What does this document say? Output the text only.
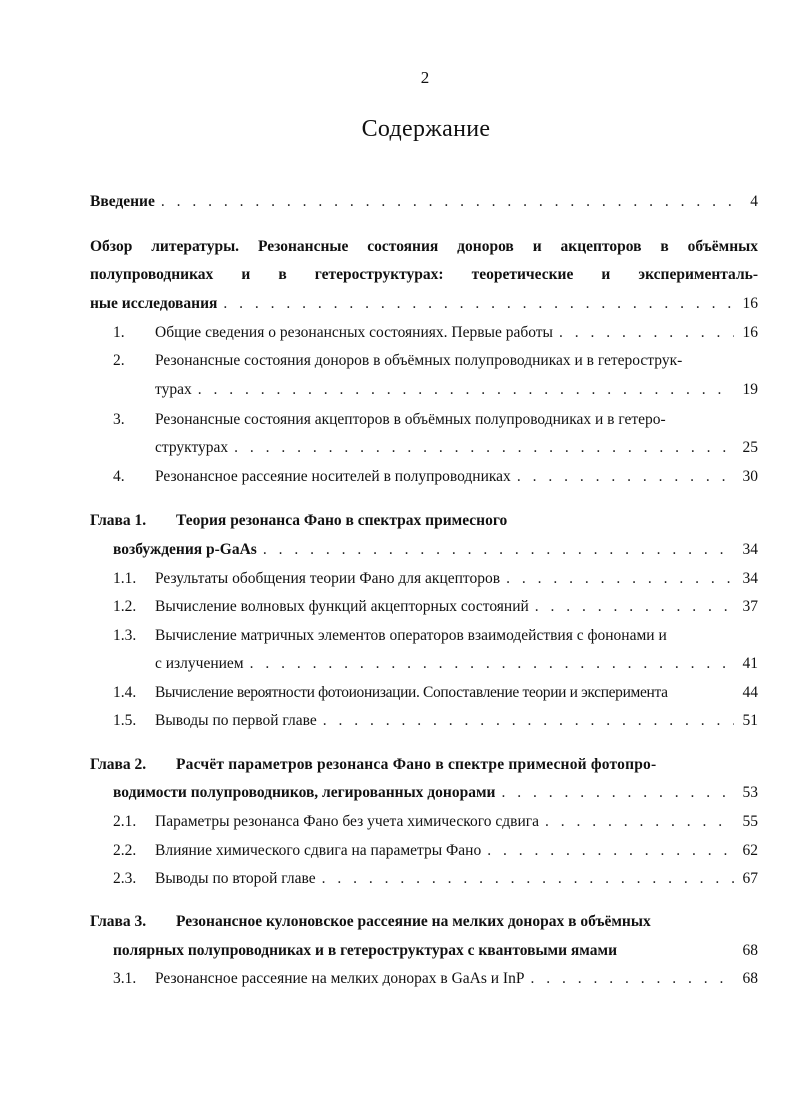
2
Содержание
Введение . . .	4
Обзор литературы. Резонансные состояния доноров и акцепторов в объёмных
полупроводниках и в гетероструктурах: теоретические и эксперименталь-
ные исследования . . .	16
1.	Общие сведения о резонансных состояниях. Первые работы . . .	16
2.	Резонансные состояния доноров в объёмных полупроводниках и в гетерострук-
турах . . .	19
3.	Резонансные состояния акцепторов в объёмных полупроводниках и в гетеро-
структурах . . .	25
4.	Резонансное рассеяние носителей в полупроводниках . . .	30
Глава 1.	Теория резонанса Фано в спектрах примесного
возбуждения p-GaAs . . .	34
1.1.	Результаты обобщения теории Фано для акцепторов . . .	34
1.2.	Вычисление волновых функций акцепторных состояний . . .	37
1.3.	Вычисление матричных элементов операторов взаимодействия с фононами и
с излучением . . .	41
1.4.	Вычисление вероятности фотоионизации. Сопоставление теории и эксперимента	44
1.5.	Выводы по первой главе . . .	51
Глава 2.	Расчёт параметров резонанса Фано в спектре примесной фотопро-
водимости полупроводников, легированных донорами . . .	53
2.1.	Параметры резонанса Фано без учета химического сдвига . . .	55
2.2.	Влияние химического сдвига на параметры Фано . . .	62
2.3.	Выводы по второй главе . . .	67
Глава 3.	Резонансное кулоновское рассеяние на мелких донорах в объёмных
полярных полупроводниках и в гетероструктурах с квантовыми ямами	68
3.1.	Резонансное рассеяние на мелких донорах в GaAs и InP . . .	68
